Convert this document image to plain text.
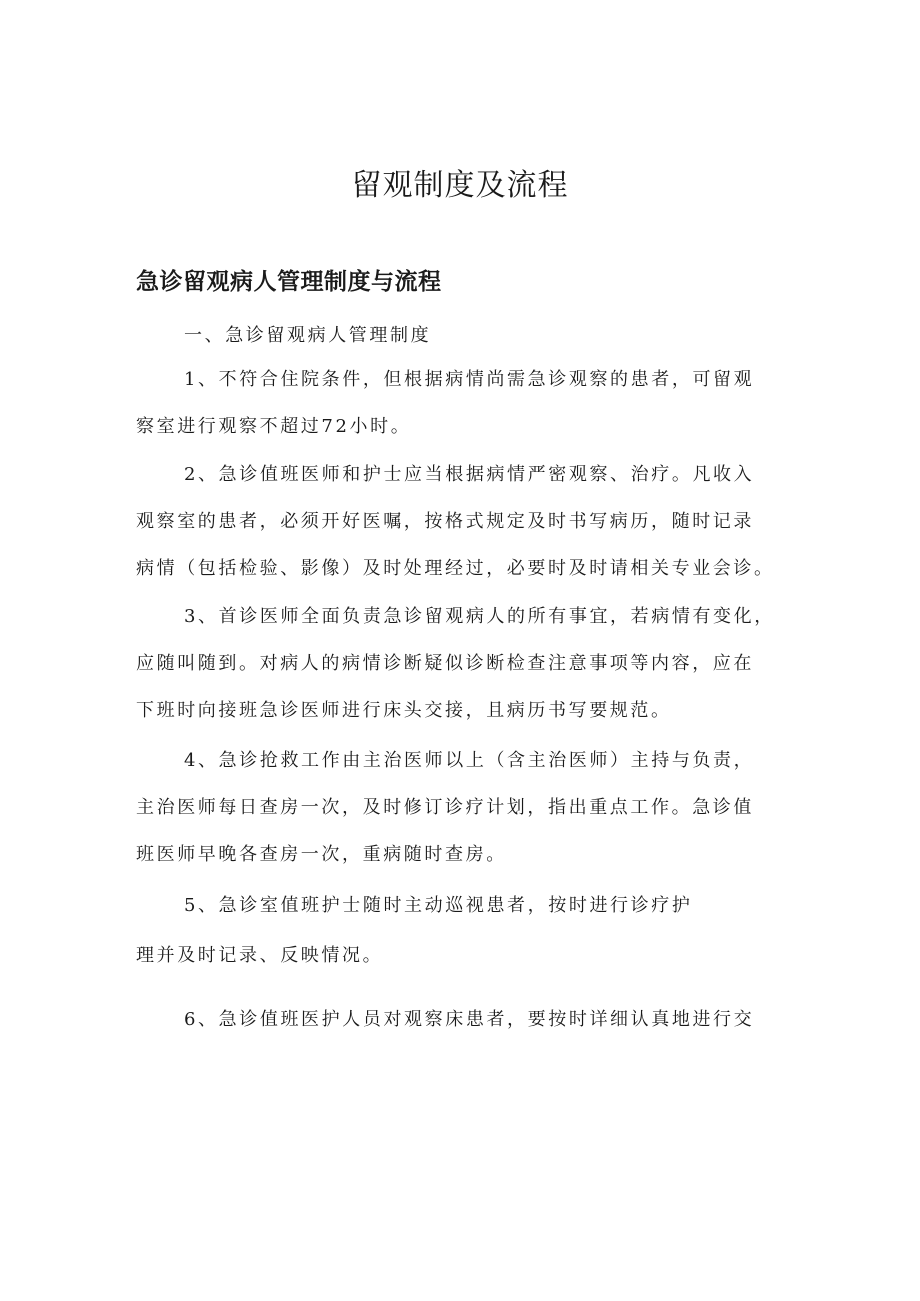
留观制度及流程
急诊留观病人管理制度与流程

一、急诊留观病人管理制度

1、不符合住院条件，但根据病情尚需急诊观察的患者，可留观
察室进行观察不超过72小时。

2、急诊值班医师和护士应当根据病情严密观察、治疗。凡收入
观察室的患者，必须开好医嘱，按格式规定及时书写病历，随时记录
病情（包括检验、影像）及时处理经过，必要时及时请相关专业会诊。

3、首诊医师全面负责急诊留观病人的所有事宜，若病情有变化，
应随叫随到。对病人的病情诊断疑似诊断检查注意事项等内容，应在
下班时向接班急诊医师进行床头交接，且病历书写要规范。

4、急诊抢救工作由主治医师以上（含主治医师）主持与负责，
主治医师每日查房一次，及时修订诊疗计划，指出重点工作。急诊值
班医师早晚各查房一次，重病随时查房。

5、急诊室值班护士随时主动巡视患者，按时进行诊疗护

理并及时记录、反映情况。

6、急诊值班医护人员对观察床患者，要按时详细认真地进行交
